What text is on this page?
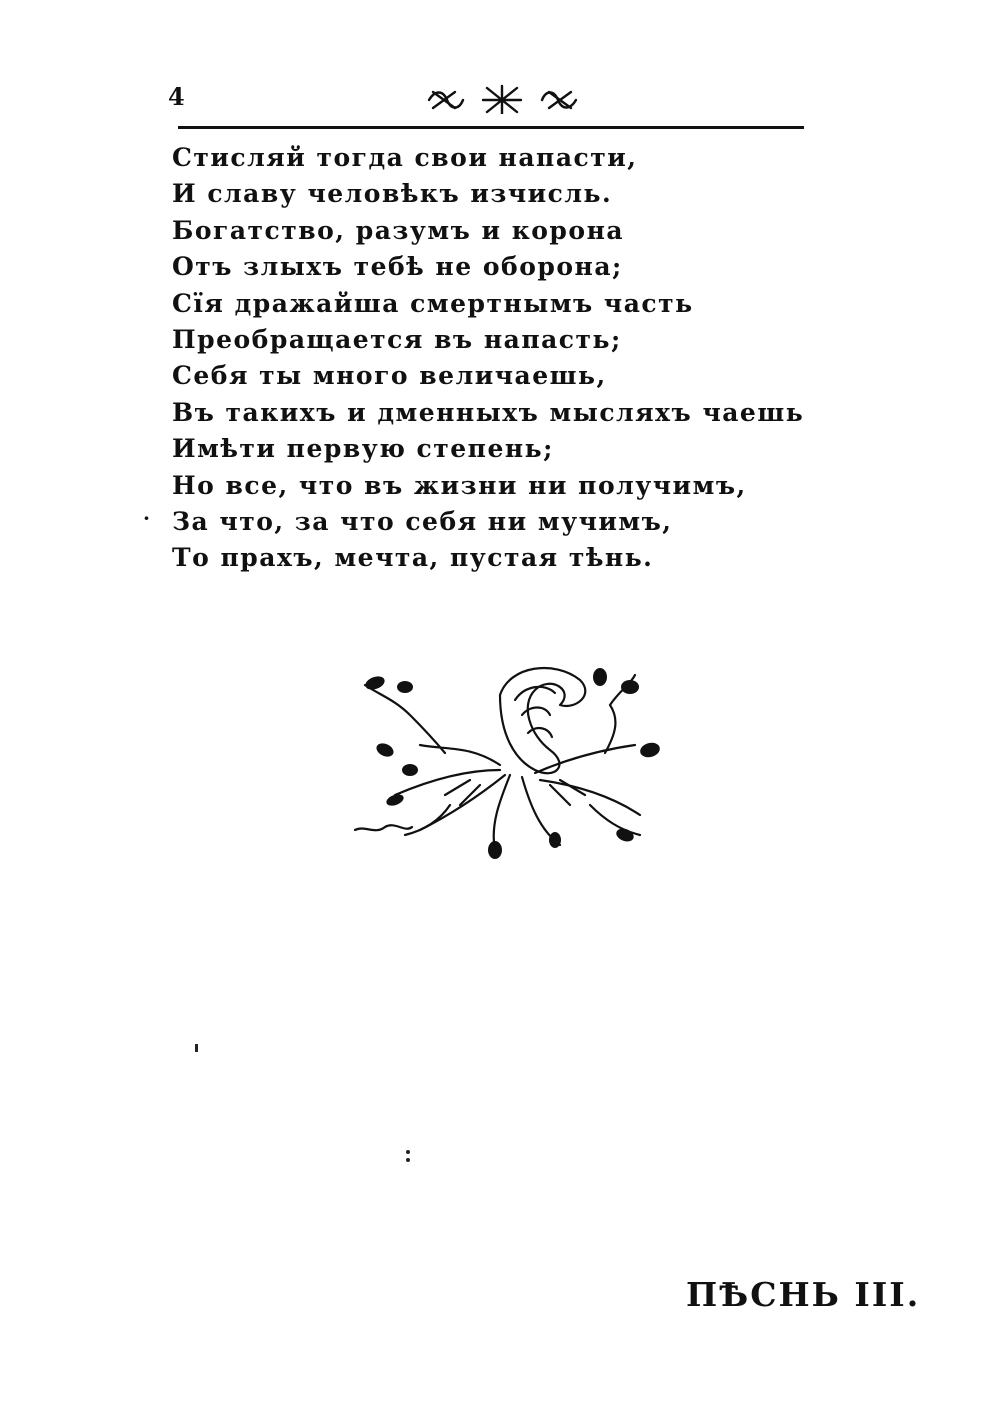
4
·
Стисляй тогда свои напасти,
И славу человѣкъ изчисль.
Богатство, разумъ и корона
Отъ злыхъ тебѣ не оборона;
Сїя дражайша смертнымъ часть
Преобращается въ напасть;
Себя ты много величаешь,
Въ такихъ и дменныхъ мысляхъ чаешь
Имѣти первую степень;
Но все, что въ жизни ни получимъ,
За что, за что себя ни мучимъ,
То прахъ, мечта, пустая тѣнь.
ПѢСНЬ III.
